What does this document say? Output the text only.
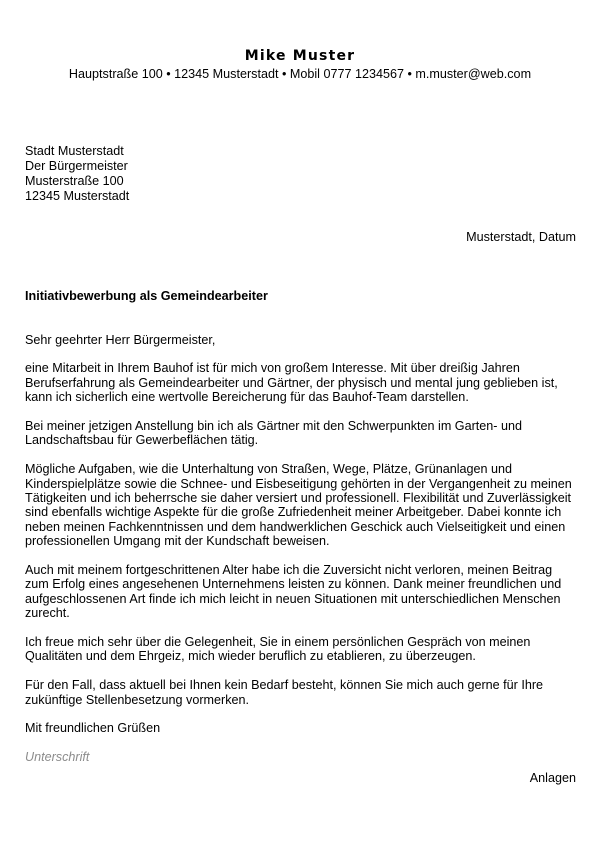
Mike Muster
Hauptstraße 100 • 12345 Musterstadt • Mobil 0777 1234567 • m.muster@web.com
Stadt Musterstadt
Der Bürgermeister
Musterstraße 100
12345 Musterstadt
Musterstadt, Datum
Initiativbewerbung als Gemeindearbeiter

Sehr geehrter Herr Bürgermeister,

eine Mitarbeit in Ihrem Bauhof ist für mich von großem Interesse. Mit über dreißig Jahren
Berufserfahrung als Gemeindearbeiter und Gärtner, der physisch und mental jung geblieben ist,
kann ich sicherlich eine wertvolle Bereicherung für das Bauhof-Team darstellen.

Bei meiner jetzigen Anstellung bin ich als Gärtner mit den Schwerpunkten im Garten- und
Landschaftsbau für Gewerbeflächen tätig.

Mögliche Aufgaben, wie die Unterhaltung von Straßen, Wege, Plätze, Grünanlagen und
Kinderspielplätze sowie die Schnee- und Eisbeseitigung gehörten in der Vergangenheit zu meinen
Tätigkeiten und ich beherrsche sie daher versiert und professionell. Flexibilität und Zuverlässigkeit
sind ebenfalls wichtige Aspekte für die große Zufriedenheit meiner Arbeitgeber. Dabei konnte ich
neben meinen Fachkenntnissen und dem handwerklichen Geschick auch Vielseitigkeit und einen
professionellen Umgang mit der Kundschaft beweisen.

Auch mit meinem fortgeschrittenen Alter habe ich die Zuversicht nicht verloren, meinen Beitrag
zum Erfolg eines angesehenen Unternehmens leisten zu können. Dank meiner freundlichen und
aufgeschlossenen Art finde ich mich leicht in neuen Situationen mit unterschiedlichen Menschen
zurecht.

Ich freue mich sehr über die Gelegenheit, Sie in einem persönlichen Gespräch von meinen
Qualitäten und dem Ehrgeiz, mich wieder beruflich zu etablieren, zu überzeugen.

Für den Fall, dass aktuell bei Ihnen kein Bedarf besteht, können Sie mich auch gerne für Ihre
zukünftige Stellenbesetzung vormerken.

Mit freundlichen Grüßen

Unterschrift
Anlagen
